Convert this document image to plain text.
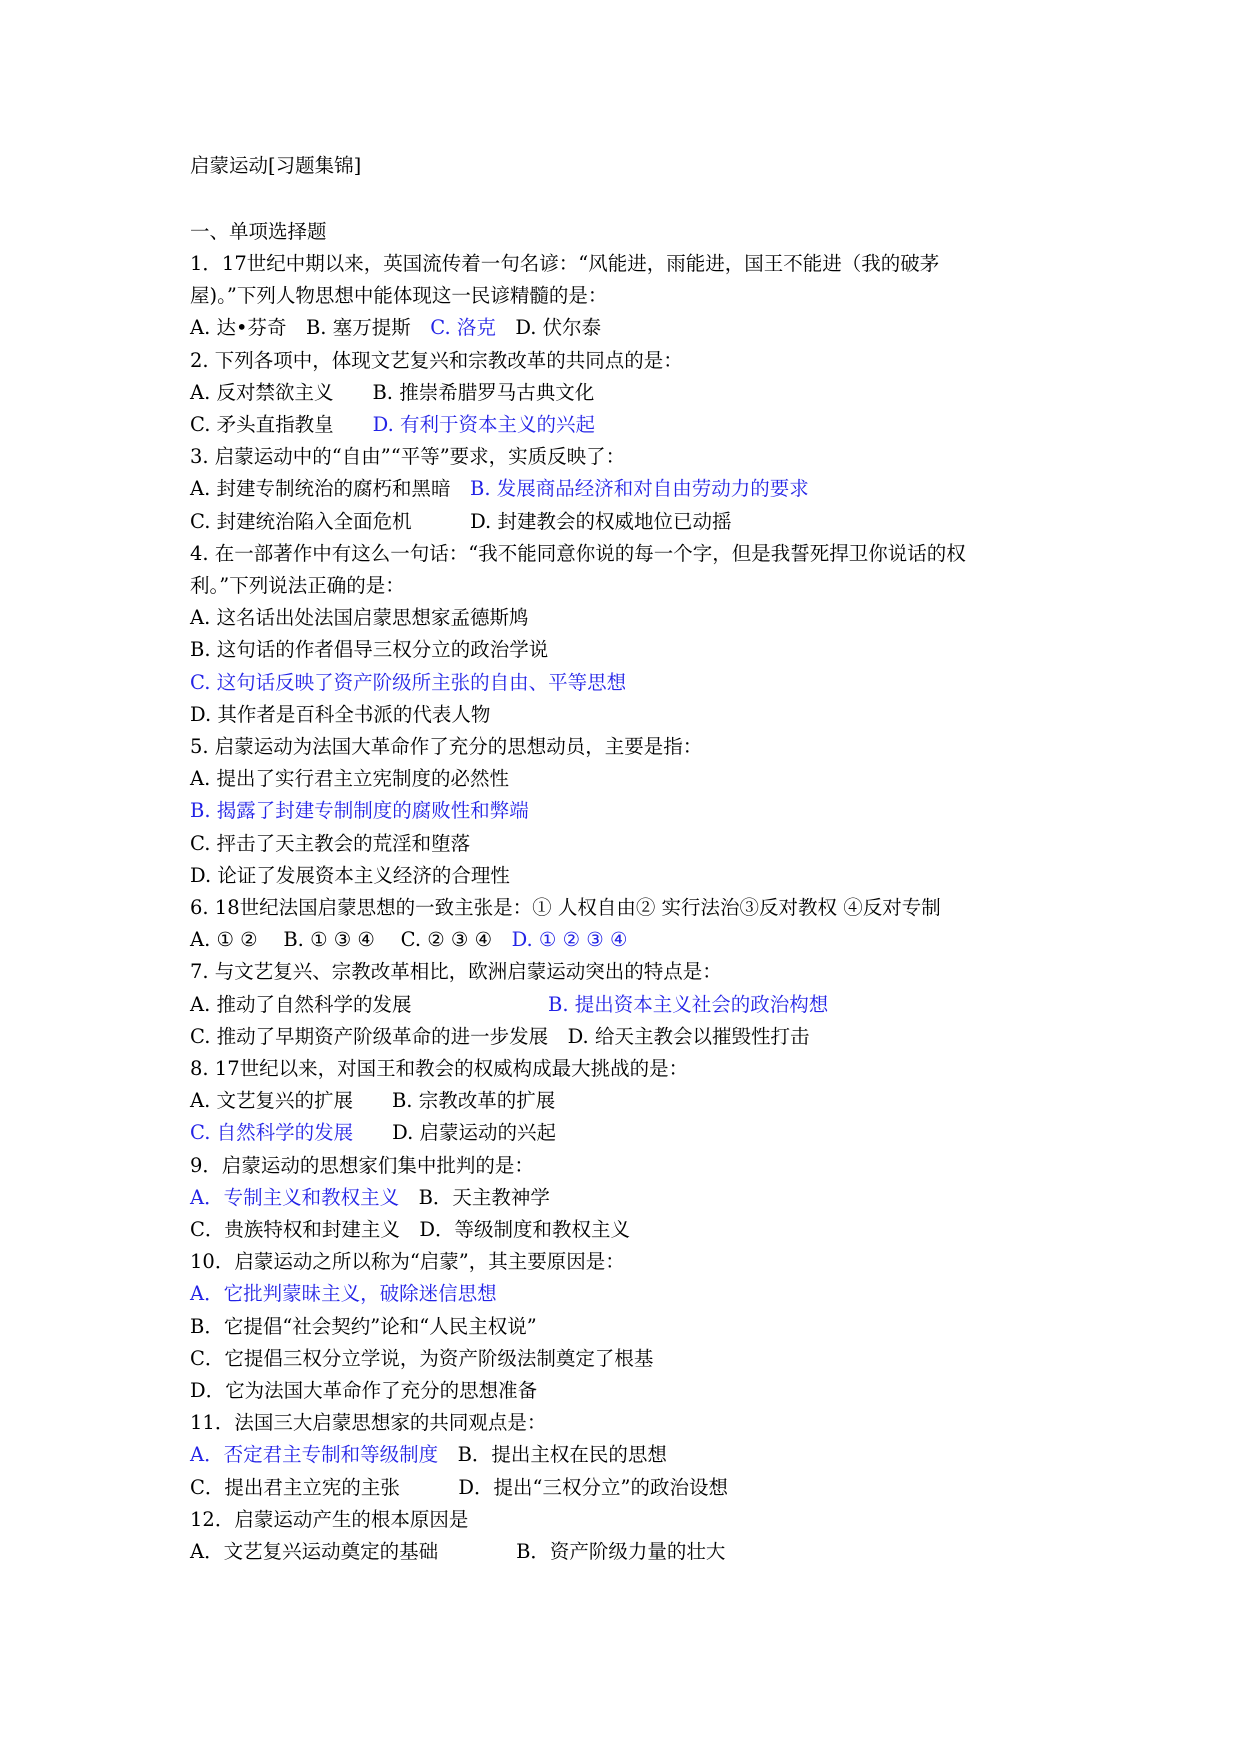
启蒙运动[习题集锦]
一、单项选择题
1．17世纪中期以来，英国流传着一句名谚：“风能进，雨能进，国王不能进（我的破茅
屋)。”下列人物思想中能体现这一民谚精髓的是：
A. 达•芬奇　B. 塞万提斯　C. 洛克　D. 伏尔泰
2. 下列各项中，体现文艺复兴和宗教改革的共同点的是：
A. 反对禁欲主义　　B. 推崇希腊罗马古典文化
C. 矛头直指教皇　　D. 有利于资本主义的兴起
3. 启蒙运动中的“自由”“平等”要求，实质反映了：
A. 封建专制统治的腐朽和黑暗　B. 发展商品经济和对自由劳动力的要求
C. 封建统治陷入全面危机　　　D. 封建教会的权威地位已动摇
4. 在一部著作中有这么一句话：“我不能同意你说的每一个字，但是我誓死捍卫你说话的权
利。”下列说法正确的是：
A. 这名话出处法国启蒙思想家孟德斯鸠
B. 这句话的作者倡导三权分立的政治学说
C. 这句话反映了资产阶级所主张的自由、平等思想
D. 其作者是百科全书派的代表人物
5. 启蒙运动为法国大革命作了充分的思想动员，主要是指：
A. 提出了实行君主立宪制度的必然性
B. 揭露了封建专制制度的腐败性和弊端
C. 抨击了天主教会的荒淫和堕落
D. 论证了发展资本主义经济的合理性
6. 18世纪法国启蒙思想的一致主张是：① 人权自由② 实行法治③反对教权 ④反对专制
A. ① ②　 B. ① ③ ④　 C. ② ③ ④　D. ① ② ③ ④
7. 与文艺复兴、宗教改革相比，欧洲启蒙运动突出的特点是：
A. 推动了自然科学的发展　　　　　　　B. 提出资本主义社会的政治构想
C. 推动了早期资产阶级革命的进一步发展　D. 给天主教会以摧毁性打击
8. 17世纪以来，对国王和教会的权威构成最大挑战的是：
A. 文艺复兴的扩展　　B. 宗教改革的扩展
C. 自然科学的发展　　D. 启蒙运动的兴起
9．启蒙运动的思想家们集中批判的是：
A．专制主义和教权主义　B．天主教神学
C．贵族特权和封建主义　D．等级制度和教权主义
10．启蒙运动之所以称为“启蒙”，其主要原因是：
A．它批判蒙昧主义，破除迷信思想
B．它提倡“社会契约”论和“人民主权说”
C．它提倡三权分立学说，为资产阶级法制奠定了根基
D．它为法国大革命作了充分的思想准备
11．法国三大启蒙思想家的共同观点是：
A．否定君主专制和等级制度　B．提出主权在民的思想
C．提出君主立宪的主张　　　D．提出“三权分立”的政治设想
12．启蒙运动产生的根本原因是
A．文艺复兴运动奠定的基础　　　　B．资产阶级力量的壮大
